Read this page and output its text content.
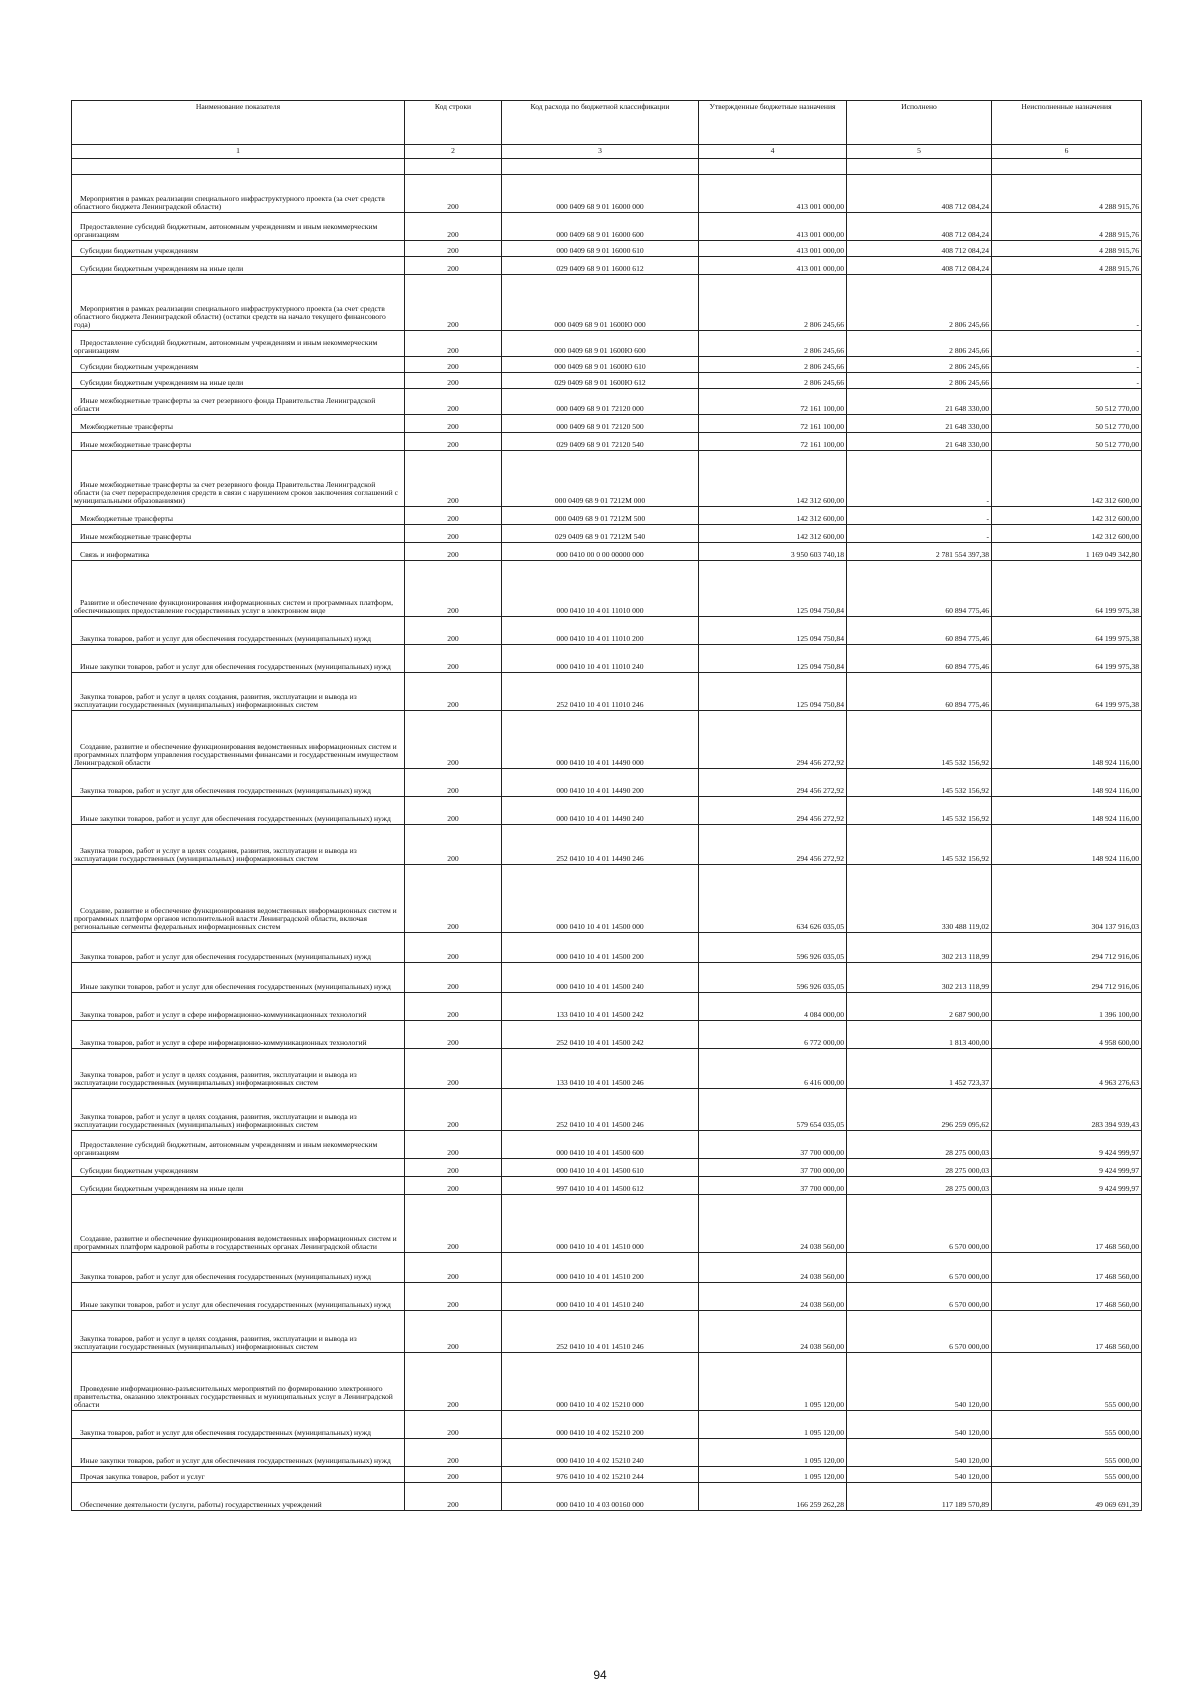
Наименование показателя	Код строки	Код расхода по бюджетной классификации	Утвержденные бюджетные назначения	Исполнено	Неисполненные назначения
1	2	3	4	5	6

Мероприятия в рамках реализации специального инфраструктурного проекта (за счет средств областного бюджета Ленинградской области)	200	000 0409 68 9 01 16000 000	413 001 000,00	408 712 084,24	4 288 915,76
Предоставление субсидий бюджетным, автономным учреждениям и иным некоммерческим организациям	200	000 0409 68 9 01 16000 600	413 001 000,00	408 712 084,24	4 288 915,76
Субсидии бюджетным учреждениям	200	000 0409 68 9 01 16000 610	413 001 000,00	408 712 084,24	4 288 915,76
Субсидии бюджетным учреждениям на иные цели	200	029 0409 68 9 01 16000 612	413 001 000,00	408 712 084,24	4 288 915,76
Мероприятия в рамках реализации специального инфраструктурного проекта (за счет средств областного бюджета Ленинградской области) (остатки средств на начало текущего финансового года)	200	000 0409 68 9 01 1600Ю 000	2 806 245,66	2 806 245,66	-
Предоставление субсидий бюджетным, автономным учреждениям и иным некоммерческим организациям	200	000 0409 68 9 01 1600Ю 600	2 806 245,66	2 806 245,66	-
Субсидии бюджетным учреждениям	200	000 0409 68 9 01 1600Ю 610	2 806 245,66	2 806 245,66	-
Субсидии бюджетным учреждениям на иные цели	200	029 0409 68 9 01 1600Ю 612	2 806 245,66	2 806 245,66	-
Иные межбюджетные трансферты за счет резервного фонда Правительства Ленинградской области	200	000 0409 68 9 01 72120 000	72 161 100,00	21 648 330,00	50 512 770,00
Межбюджетные трансферты	200	000 0409 68 9 01 72120 500	72 161 100,00	21 648 330,00	50 512 770,00
Иные межбюджетные трансферты	200	029 0409 68 9 01 72120 540	72 161 100,00	21 648 330,00	50 512 770,00
Иные межбюджетные трансферты за счет резервного фонда Правительства Ленинградской области (за счет перераспределения средств в связи с нарушением сроков заключения соглашений с муниципальными образованиями)	200	000 0409 68 9 01 7212М 000	142 312 600,00	-	142 312 600,00
Межбюджетные трансферты	200	000 0409 68 9 01 7212М 500	142 312 600,00	-	142 312 600,00
Иные межбюджетные трансферты	200	029 0409 68 9 01 7212М 540	142 312 600,00	-	142 312 600,00
Связь и информатика	200	000 0410 00 0 00 00000 000	3 950 603 740,18	2 781 554 397,38	1 169 049 342,80
Развитие и обеспечение функционирования информационных систем и программных платформ, обеспечивающих предоставление государственных услуг в электронном виде	200	000 0410 10 4 01 11010 000	125 094 750,84	60 894 775,46	64 199 975,38
Закупка товаров, работ и услуг для обеспечения государственных (муниципальных) нужд	200	000 0410 10 4 01 11010 200	125 094 750,84	60 894 775,46	64 199 975,38
Иные закупки товаров, работ и услуг для обеспечения государственных (муниципальных) нужд	200	000 0410 10 4 01 11010 240	125 094 750,84	60 894 775,46	64 199 975,38
Закупка товаров, работ и услуг в целях создания, развития, эксплуатации и вывода из эксплуатации государственных (муниципальных) информационных систем	200	252 0410 10 4 01 11010 246	125 094 750,84	60 894 775,46	64 199 975,38
Создание, развитие и обеспечение функционирования ведомственных информационных систем и программных платформ управления государственными финансами и государственным имуществом Ленинградской области	200	000 0410 10 4 01 14490 000	294 456 272,92	145 532 156,92	148 924 116,00
Закупка товаров, работ и услуг для обеспечения государственных (муниципальных) нужд	200	000 0410 10 4 01 14490 200	294 456 272,92	145 532 156,92	148 924 116,00
Иные закупки товаров, работ и услуг для обеспечения государственных (муниципальных) нужд	200	000 0410 10 4 01 14490 240	294 456 272,92	145 532 156,92	148 924 116,00
Закупка товаров, работ и услуг в целях создания, развития, эксплуатации и вывода из эксплуатации государственных (муниципальных) информационных систем	200	252 0410 10 4 01 14490 246	294 456 272,92	145 532 156,92	148 924 116,00
Создание, развитие и обеспечение функционирования ведомственных информационных систем и программных платформ органов исполнительной власти Ленинградской области, включая региональные сегменты федеральных информационных систем	200	000 0410 10 4 01 14500 000	634 626 035,05	330 488 119,02	304 137 916,03
Закупка товаров, работ и услуг для обеспечения государственных (муниципальных) нужд	200	000 0410 10 4 01 14500 200	596 926 035,05	302 213 118,99	294 712 916,06
Иные закупки товаров, работ и услуг для обеспечения государственных (муниципальных) нужд	200	000 0410 10 4 01 14500 240	596 926 035,05	302 213 118,99	294 712 916,06
Закупка товаров, работ и услуг в сфере информационно-коммуникационных технологий	200	133 0410 10 4 01 14500 242	4 084 000,00	2 687 900,00	1 396 100,00
Закупка товаров, работ и услуг в сфере информационно-коммуникационных технологий	200	252 0410 10 4 01 14500 242	6 772 000,00	1 813 400,00	4 958 600,00
Закупка товаров, работ и услуг в целях создания, развития, эксплуатации и вывода из эксплуатации государственных (муниципальных) информационных систем	200	133 0410 10 4 01 14500 246	6 416 000,00	1 452 723,37	4 963 276,63
Закупка товаров, работ и услуг в целях создания, развития, эксплуатации и вывода из эксплуатации государственных (муниципальных) информационных систем	200	252 0410 10 4 01 14500 246	579 654 035,05	296 259 095,62	283 394 939,43
Предоставление субсидий бюджетным, автономным учреждениям и иным некоммерческим организациям	200	000 0410 10 4 01 14500 600	37 700 000,00	28 275 000,03	9 424 999,97
Субсидии бюджетным учреждениям	200	000 0410 10 4 01 14500 610	37 700 000,00	28 275 000,03	9 424 999,97
Субсидии бюджетным учреждениям на иные цели	200	997 0410 10 4 01 14500 612	37 700 000,00	28 275 000,03	9 424 999,97
Создание, развитие и обеспечение функционирования ведомственных информационных систем и программных платформ кадровой работы в государственных органах Ленинградской области	200	000 0410 10 4 01 14510 000	24 038 560,00	6 570 000,00	17 468 560,00
Закупка товаров, работ и услуг для обеспечения государственных (муниципальных) нужд	200	000 0410 10 4 01 14510 200	24 038 560,00	6 570 000,00	17 468 560,00
Иные закупки товаров, работ и услуг для обеспечения государственных (муниципальных) нужд	200	000 0410 10 4 01 14510 240	24 038 560,00	6 570 000,00	17 468 560,00
Закупка товаров, работ и услуг в целях создания, развития, эксплуатации и вывода из эксплуатации государственных (муниципальных) информационных систем	200	252 0410 10 4 01 14510 246	24 038 560,00	6 570 000,00	17 468 560,00
Проведение информационно-разъяснительных мероприятий по формированию электронного правительства, оказанию электронных государственных и муниципальных услуг в Ленинградской области	200	000 0410 10 4 02 15210 000	1 095 120,00	540 120,00	555 000,00
Закупка товаров, работ и услуг для обеспечения государственных (муниципальных) нужд	200	000 0410 10 4 02 15210 200	1 095 120,00	540 120,00	555 000,00
Иные закупки товаров, работ и услуг для обеспечения государственных (муниципальных) нужд	200	000 0410 10 4 02 15210 240	1 095 120,00	540 120,00	555 000,00
Прочая закупка товаров, работ и услуг	200	976 0410 10 4 02 15210 244	1 095 120,00	540 120,00	555 000,00
Обеспечение деятельности (услуги, работы) государственных учреждений	200	000 0410 10 4 03 00160 000	166 259 262,28	117 189 570,89	49 069 691,39
94
